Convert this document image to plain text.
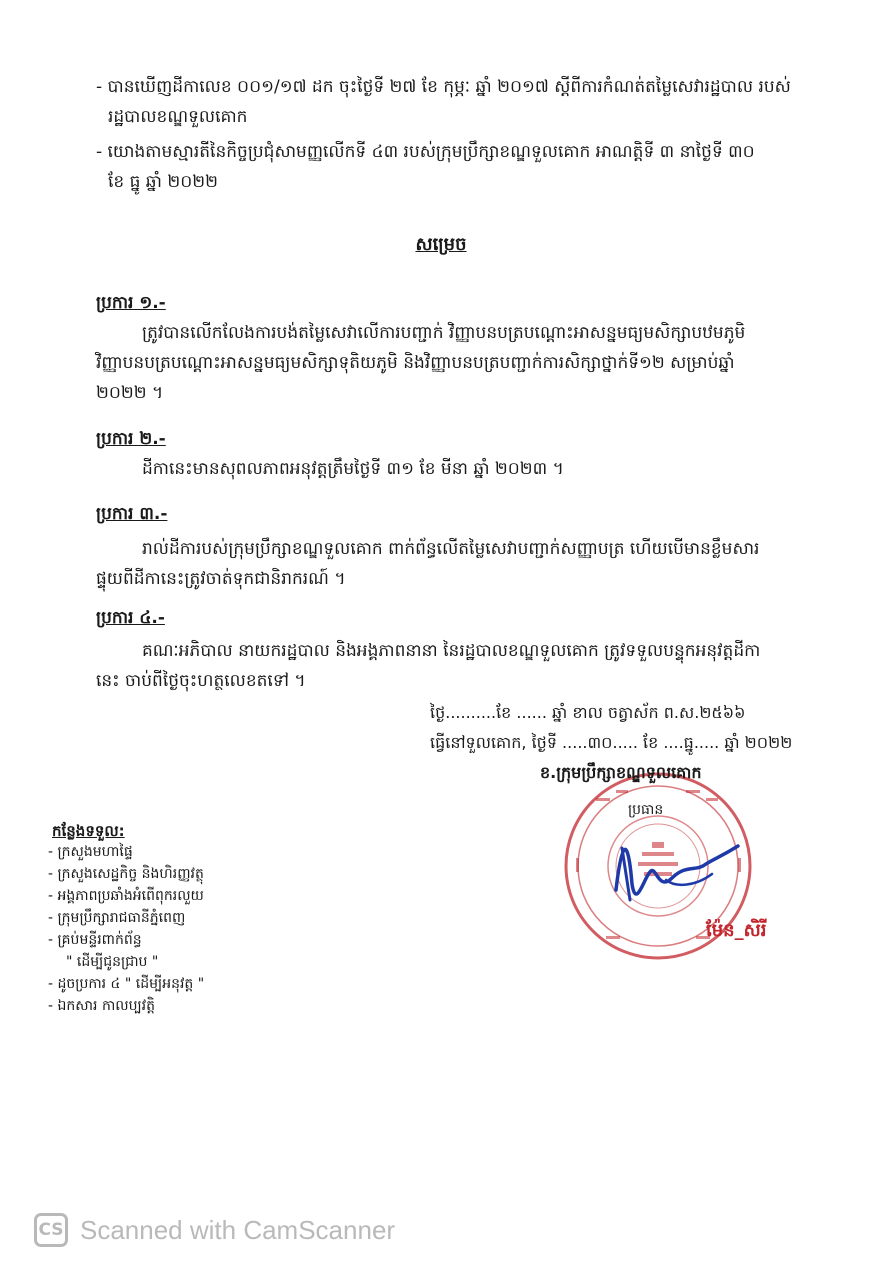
- បានឃើញដីកាលេខ ០០១/១៧ ដក ចុះថ្ងៃទី ២៧ ខែ កុម្ភៈ ឆ្នាំ ២០១៧ ស្តីពីការកំណត់តម្លៃសេវារដ្ឋបាល របស់
រដ្ឋបាលខណ្ឌទួលគោក
- យោងតាមស្មារតីនៃកិច្ចប្រជុំសាមញ្ញលើកទី ៤៣ របស់ក្រុមប្រឹក្សាខណ្ឌទួលគោក អាណត្តិទី ៣ នាថ្ងៃទី ៣០
ខែ ធ្នូ ឆ្នាំ ២០២២
សម្រេច
ប្រការ ១.-
ត្រូវបានលើកលែងការបង់តម្លៃសេវាលើការបញ្ជាក់ វិញ្ញាបនបត្របណ្តោះអាសន្នមធ្យមសិក្សាបឋមភូមិ
វិញ្ញាបនបត្របណ្តោះអាសន្នមធ្យមសិក្សាទុតិយភូមិ និងវិញ្ញាបនបត្របញ្ជាក់ការសិក្សាថ្នាក់ទី១២ សម្រាប់ឆ្នាំ
២០២២ ។
ប្រការ ២.-
ដីកានេះមានសុពលភាពអនុវត្តត្រឹមថ្ងៃទី ៣១ ខែ មីនា ឆ្នាំ ២០២៣ ។
ប្រការ ៣.-
រាល់ដីការបស់ក្រុមប្រឹក្សាខណ្ឌទួលគោក ពាក់ព័ន្ធលើតម្លៃសេវាបញ្ជាក់សញ្ញាបត្រ ហើយបើមានខ្លឹមសារ
ផ្ទុយពីដីកានេះត្រូវចាត់ទុកជានិរាករណ៍ ។
ប្រការ ៤.-
គណៈអភិបាល នាយករដ្ឋបាល និងអង្គភាពនានា នៃរដ្ឋបាលខណ្ឌទួលគោក ត្រូវទទួលបន្ទុកអនុវត្តដីកា
នេះ ចាប់ពីថ្ងៃចុះហត្ថលេខតទៅ ។
ថ្ងៃ..........ខែ ...... ឆ្នាំ ខាល ចត្វាស័ក ព.ស.២៥៦៦
ធ្វើនៅទួលគោក, ថ្ងៃទី .....៣០..... ខែ ....ធ្នូ..... ឆ្នាំ ២០២២
ខ.ក្រុមប្រឹក្សាខណ្ឌទួលគោក
ប្រធាន
ម៉ែន_សិរី
កន្លែងទទួល:
- ក្រសួងមហាផ្ទៃ
- ក្រសួងសេដ្ឋកិច្ច និងហិរញ្ញវត្ថុ
- អង្គភាពប្រឆាំងអំពើពុករលួយ
- ក្រុមប្រឹក្សារាជធានីភ្នំពេញ
- គ្រប់មន្ទីរពាក់ព័ន្ធ
" ដើម្បីជូនជ្រាប "
- ដូចប្រការ ៤ " ដើម្បីអនុវត្ត "
- ឯកសារ កាលប្បវត្តិ
CS Scanned with CamScanner
